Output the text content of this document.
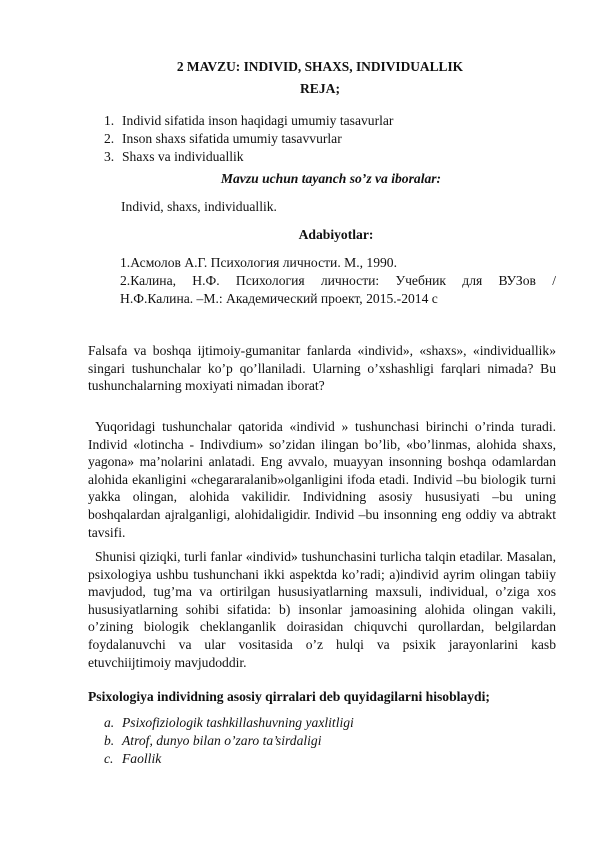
2 MAVZU: INDIVID, SHAXS, INDIVIDUALLIK
REJA;
1. Individ sifatida inson haqidagi umumiy tasavurlar
2. Inson shaxs sifatida umumiy tasavvurlar
3. Shaxs va individuallik
Mavzu uchun tayanch so’z va iboralar:
Individ, shaxs, individuallik.
Adabiyotlar:
1.Асмолов А.Г. Психология личности. М., 1990.
2.Калина, Н.Ф. Психология личности: Учебник для ВУЗов /
Н.Ф.Калина. –М.: Академический проект, 2015.-2014 с

Falsafa va boshqa ijtimoiy-gumanitar fanlarda «individ», «shaxs», «individuallik» singari tushunchalar ko’p qo’llaniladi. Ularning o’xshashligi farqlari nimada? Bu tushunchalarning moxiyati nimadan iborat?

Yuqoridagi tushunchalar qatorida «individ » tushunchasi birinchi o’rinda turadi. Individ «lotincha - Indivdium» so’zidan ilingan bo’lib, «bo’linmas, alohida shaxs, yagona» ma’nolarini anlatadi. Eng avvalo, muayyan insonning boshqa odamlardan alohida ekanligini «chegararalanib»olganligini ifoda etadi. Individ –bu biologik turni yakka olingan, alohida vakilidir. Individning asosiy hususiyati –bu uning boshqalardan ajralganligi, alohidaligidir. Individ –bu insonning eng oddiy va abtrakt tavsifi.

Shunisi qiziqki, turli fanlar «individ» tushunchasini turlicha talqin etadilar. Masalan, psixologiya ushbu tushunchani ikki aspektda ko’radi; a)individ ayrim olingan tabiiy mavjudod, tug’ma va ortirilgan hususiyatlarning maxsuli, individual, o’ziga xos hususiyatlarning sohibi sifatida: b) insonlar jamoasining alohida olingan vakili, o’zining biologik cheklanganlik doirasidan chiquvchi qurollardan, belgilardan foydalanuvchi va ular vositasida o’z hulqi va psixik jarayonlarini kasb etuvchiijtimoiy mavjudoddir.

Psixologiya individning asosiy qirralari deb quyidagilarni hisoblaydi;
a. Psixofiziologik tashkillashuvning yaxlitligi
b. Atrof, dunyo bilan o’zaro ta’sirdaligi
c. Faollik
